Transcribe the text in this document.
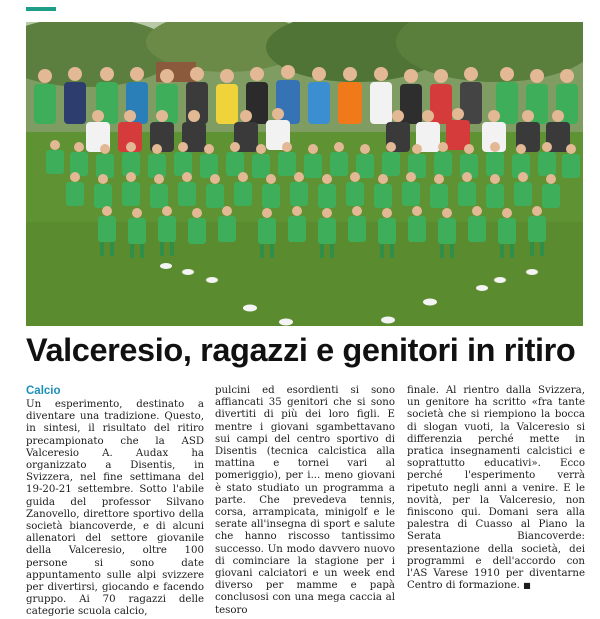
Valceresio, ragazzi e genitori in ritiro
Calcio

Un esperimento, destinato a diventare una tradizione. Questo, in sintesi, il risultato del ritiro precampionato che la ASD Valceresio A. Audax ha organizzato a Disentis, in Svizzera, nel fine settimana del 19-20-21 settembre. Sotto l'abile guida del professor Silvano Zanovello, direttore sportivo della società biancoverde, e di alcuni allenatori del settore giovanile della Valceresio, oltre 100 persone si sono date appuntamento sulle alpi svizzere per divertirsi, giocando e facendo gruppo. Ai 70 ragazzi delle categorie scuola calcio,

pulcini ed esordienti si sono affiancati 35 genitori che si sono divertiti di più dei loro figli. E mentre i giovani sgambettavano sui campi del centro sportivo di Disentis (tecnica calcistica alla mattina e tornei vari al pomeriggio), per i... meno giovani è stato studiato un programma a parte. Che prevedeva tennis, corsa, arrampicata, minigolf e le serate all'insegna di sport e salute che hanno riscosso tantissimo successo. Un modo davvero nuovo di cominciare la stagione per i giovani calciatori e un week end diverso per mamme e papà conclusosi con una mega caccia al tesoro

finale. Al rientro dalla Svizzera, un genitore ha scritto «fra tante società che si riempiono la bocca di slogan vuoti, la Valceresio si differenzia perché mette in pratica insegnamenti calcistici e soprattutto educativi». Ecco perché l'esperimento verrà ripetuto negli anni a venire. E le novità, per la Valceresio, non finiscono qui. Domani sera alla palestra di Cuasso al Piano la Serata Biancoverde: presentazione della società, dei programmi e dell'accordo con l'AS Varese 1910 per diventarne Centro di formazione. ■
